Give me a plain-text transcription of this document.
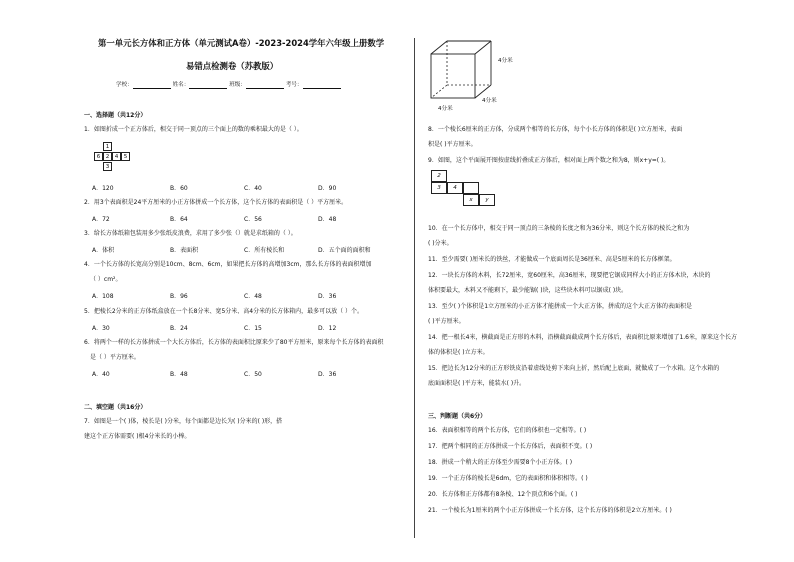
第一单元长方体和正方体（单元测试A卷）-2023-2024学年六年级上册数学
易错点检测卷（苏教版）
学校：	姓名：	班级：	考号：
一、选择题（共12分）
1．如图折成一个正方体后，相交于同一顶点的三个面上的数的乘积最大的是（ ）。
1
6 2 4 5
3
A．120	B．60	C．40	D．90
2．用3个表面积是24平方厘米的小正方体拼成一个长方体，这个长方体的表面积是（ ）平方厘米。
A．72	B．64	C．56	D．48
3．给长方体纸箱包装用多少张纸皮浪费，求用了多少张（）就是求纸箱的（ ）。
A．体积	B．表面积	C．所有棱长和	D．五个面的面积和
4．一个长方体的长宽高分别是10cm、8cm、6cm，如果把长方体的高增加3cm，那么长方体的表面积增加
（ ）cm²。
A．108	B．96	C．48	D．36
5．把棱长2分米的正方体纸盒放在一个长8分米、宽5分米、高4分米的长方体箱内，最多可以放（ ）个。
A．30	B．24	C．15	D．12
6．将两个一样的长方体拼成一个大长方体后，长方体的表面积比原来少了80平方厘米，原来每个长方体的表面积
是（ ）平方厘米。
A．40	B．48	C．50	D．36
二、填空题（共16分）
7．如图是一个( )体，棱长是( )分米，每个面都是边长为( )分米的( )形，搭
建这个正方体需要( )根4分米长的小棒。
4分米
4分米
4分米
8．一个棱长6厘米的正方体，分成两个相等的长方体，每个小长方体的体积是( )立方厘米，表面
积是( )平方厘米。
9．如图，这个平面展开图按虚线折叠成正方体后，相对面上两个数之和为8，则x+y=( )。
2
3	4
x	y
10．在一个长方体中，相交于同一顶点的三条棱的长度之和为36分米，则这个长方体的棱长之和为
( )分米。
11．至少需要( )厘米长的铁丝，才能做成一个底面周长是36厘米、高是5厘米的长方体框架。
12．一块长方体的木料，长72厘米，宽60厘米，高36厘米，现要把它锯成同样大小的正方体木块，木块的
体积要最大，木料又不能剩下，最少能锯( )块，这些块木料可以锯成( )块。
13．至少( )个体积是1立方厘米的小正方体才能拼成一个大正方体，拼成的这个大正方体的表面积是
( )平方厘米。
14．把一根长4米，横截面是正方形的木料，沿横截面截成两个长方体后，表面积比原来增加了1.6米，原来这个长方
体的体积是( )立方米。
15．把边长为12分米的正方形铁皮沿着虚线处剪下来向上折，然后配上底面，就做成了一个水箱。这个水箱的
底面面积是( )平方米，能装水( )升。
三、判断题（共6分）
16．表面积相等的两个长方体，它们的体积也一定相等。( )
17．把两个相同的正方体拼成一个长方体后，表面积不变。( )
18．拼成一个稍大的正方体至少需要8个小正方体。( )
19．一个正方体的棱长是6dm，它的表面积和体积相等。( )
20．长方体和正方体都有8条棱、12个顶点和6个面。( )
21．一个棱长为1厘米的两个小正方体拼成一个长方体，这个长方体的体积是2立方厘米。( )
